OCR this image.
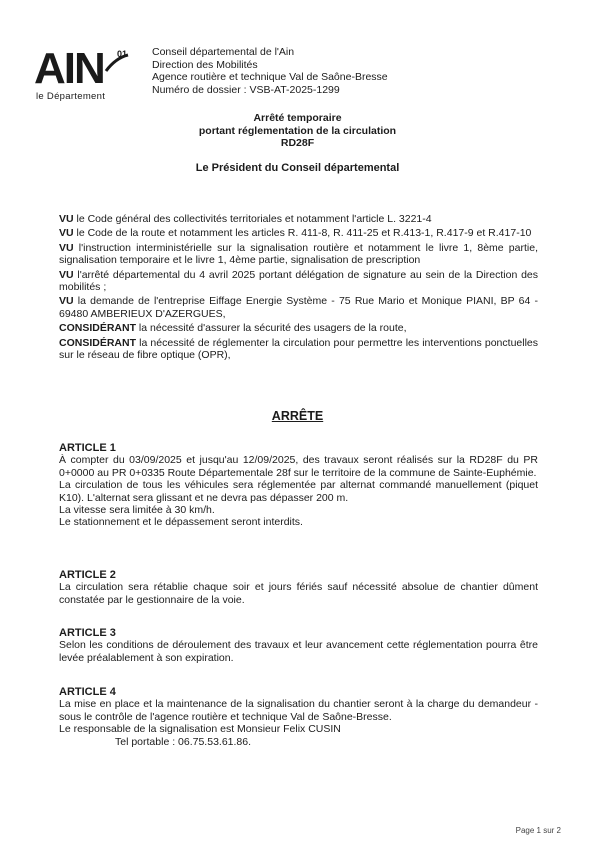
AIN 01
le Département
Conseil départemental de l'Ain
Direction des Mobilités
Agence routière et technique Val de Saône-Bresse
Numéro de dossier : VSB-AT-2025-1299
Arrêté temporaire
portant réglementation de la circulation
RD28F
Le Président du Conseil départemental

VU le Code général des collectivités territoriales et notamment l'article L. 3221-4

VU le Code de la route et notamment les articles R. 411-8, R. 411-25 et R.413-1, R.417-9 et R.417-10

VU l'instruction interministérielle sur la signalisation routière et notamment le livre 1, 8ème partie, signalisation temporaire et le livre 1, 4ème partie, signalisation de prescription

VU l'arrêté départemental du 4 avril 2025 portant délégation de signature au sein de la Direction des mobilités ;

VU la demande de l'entreprise Eiffage Energie Système - 75 Rue Mario et Monique PIANI, BP 64 - 69480 AMBERIEUX D'AZERGUES,

CONSIDÉRANT la nécessité d'assurer la sécurité des usagers de la route,

CONSIDÉRANT la nécessité de réglementer la circulation pour permettre les interventions ponctuelles sur le réseau de fibre optique (OPR),

ARRÊTE
ARTICLE 1

À compter du 03/09/2025 et jusqu'au 12/09/2025, des travaux seront réalisés sur la RD28F du PR 0+0000 au PR 0+0335 Route Départementale 28f sur le territoire de la commune de Sainte-Euphémie.

La circulation de tous les véhicules sera réglementée par alternat commandé manuellement (piquet K10). L'alternat sera glissant et ne devra pas dépasser 200 m.

La vitesse sera limitée à 30 km/h.

Le stationnement et le dépassement seront interdits.

ARTICLE 2

La circulation sera rétablie chaque soir et jours fériés sauf nécessité absolue de chantier dûment constatée par le gestionnaire de la voie.

ARTICLE 3

Selon les conditions de déroulement des travaux et leur avancement cette réglementation pourra être levée préalablement à son expiration.

ARTICLE 4

La mise en place et la maintenance de la signalisation du chantier seront à la charge du demandeur - sous le contrôle de l'agence routière et technique Val de Saône-Bresse.

Le responsable de la signalisation est Monsieur Felix CUSIN

Tel portable : 06.75.53.61.86.

Page 1 sur 2
